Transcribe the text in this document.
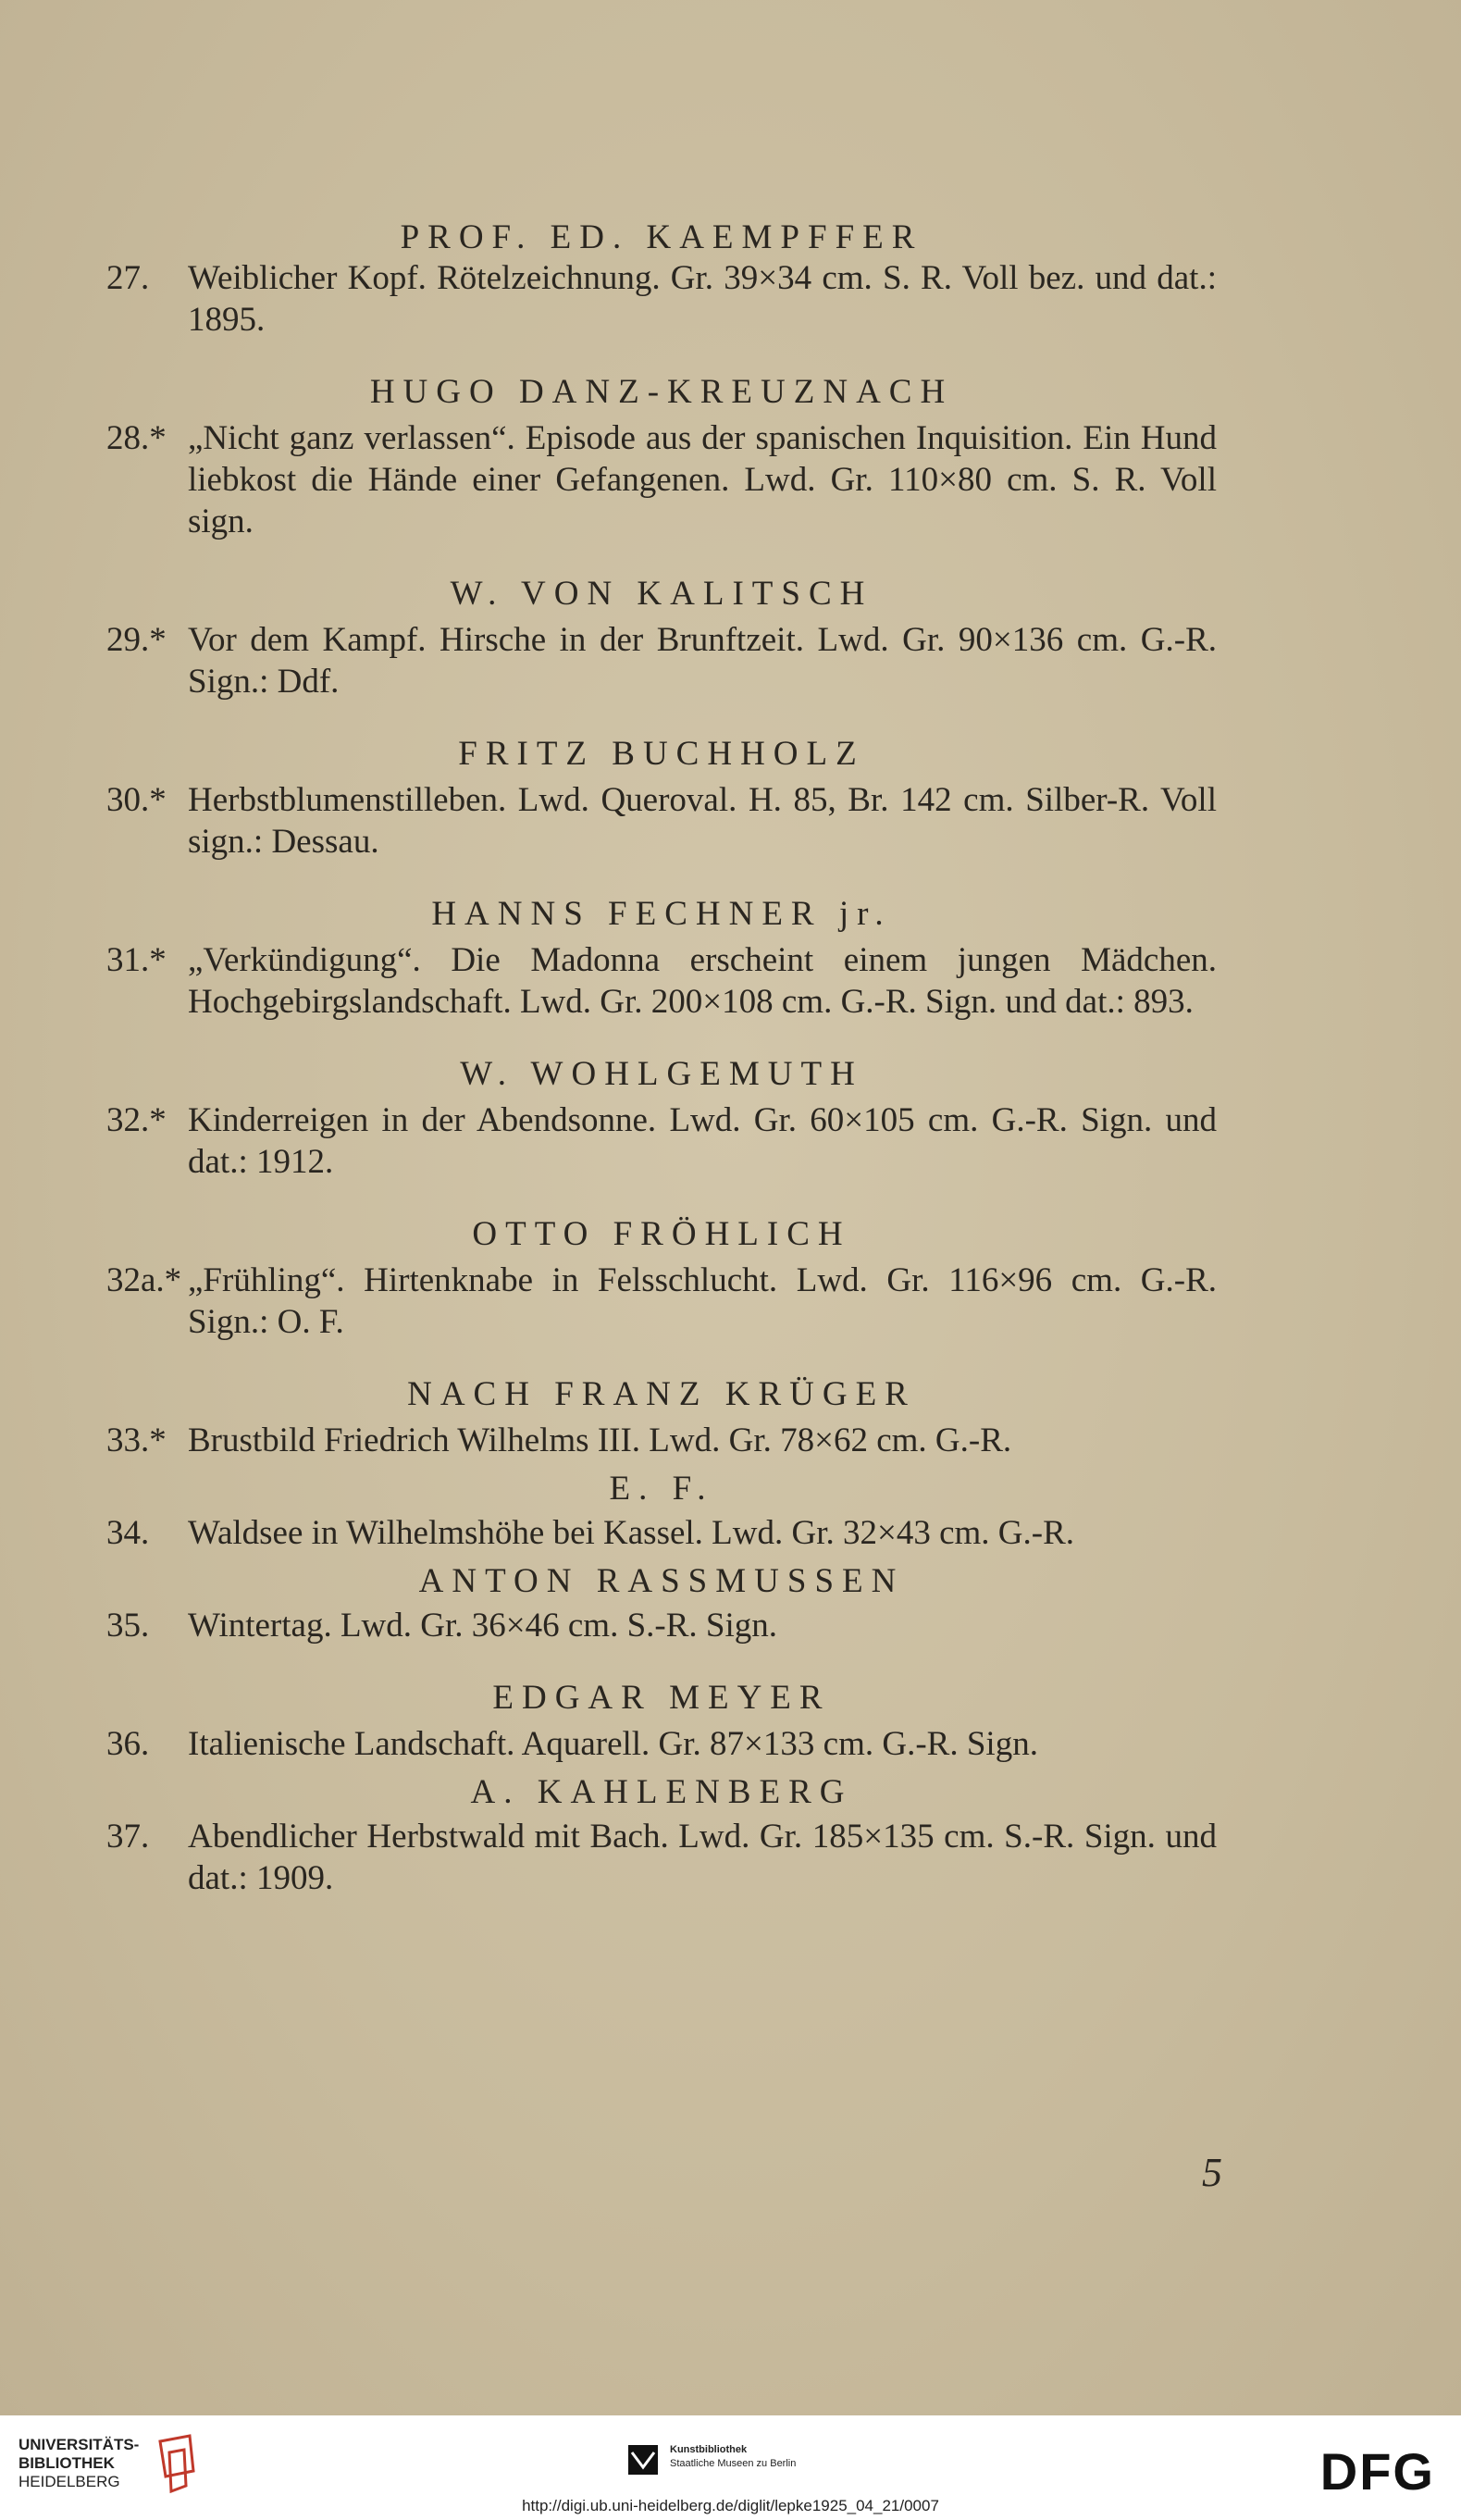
PROF. ED. KAEMPFFER
27. Weiblicher Kopf. Rötelzeichnung. Gr. 39×34 cm. S. R. Voll bez. und dat.: 1895.
HUGO DANZ-KREUZNACH
28.* „Nicht ganz verlassen“. Episode aus der spanischen Inquisition. Ein Hund liebkost die Hände einer Gefangenen. Lwd. Gr. 110×80 cm. S. R. Voll sign.
W. VON KALITSCH
29.* Vor dem Kampf. Hirsche in der Brunftzeit. Lwd. Gr. 90×136 cm. G.-R. Sign.: Ddf.
FRITZ BUCHHOLZ
30.* Herbstblumenstilleben. Lwd. Queroval. H. 85, Br. 142 cm. Silber-R. Voll sign.: Dessau.
HANNS FECHNER jr.
31.* „Verkündigung“. Die Madonna erscheint einem jungen Mädchen. Hochgebirgslandschaft. Lwd. Gr. 200×108 cm. G.-R. Sign. und dat.: 893.
W. WOHLGEMUTH
32.* Kinderreigen in der Abendsonne. Lwd. Gr. 60×105 cm. G.-R. Sign. und dat.: 1912.
OTTO FRÖHLICH
32a.* „Frühling“. Hirtenknabe in Felsschlucht. Lwd. Gr. 116×96 cm. G.-R. Sign.: O. F.
NACH FRANZ KRÜGER
33.* Brustbild Friedrich Wilhelms III. Lwd. Gr. 78×62 cm. G.-R.
E. F.
34. Waldsee in Wilhelmshöhe bei Kassel. Lwd. Gr. 32×43 cm. G.-R.
ANTON RASSMUSSEN
35. Wintertag. Lwd. Gr. 36×46 cm. S.-R. Sign.
EDGAR MEYER
36. Italienische Landschaft. Aquarell. Gr. 87×133 cm. G.-R. Sign.
A. KAHLENBERG
37. Abendlicher Herbstwald mit Bach. Lwd. Gr. 185×135 cm. S.-R. Sign. und dat.: 1909.
5
UNIVERSITÄTS-
BIBLIOTHEK
HEIDELBERG
Kunstbibliothek
Staatliche Museen zu Berlin	DFG
http://digi.ub.uni-heidelberg.de/diglit/lepke1925_04_21/0007
